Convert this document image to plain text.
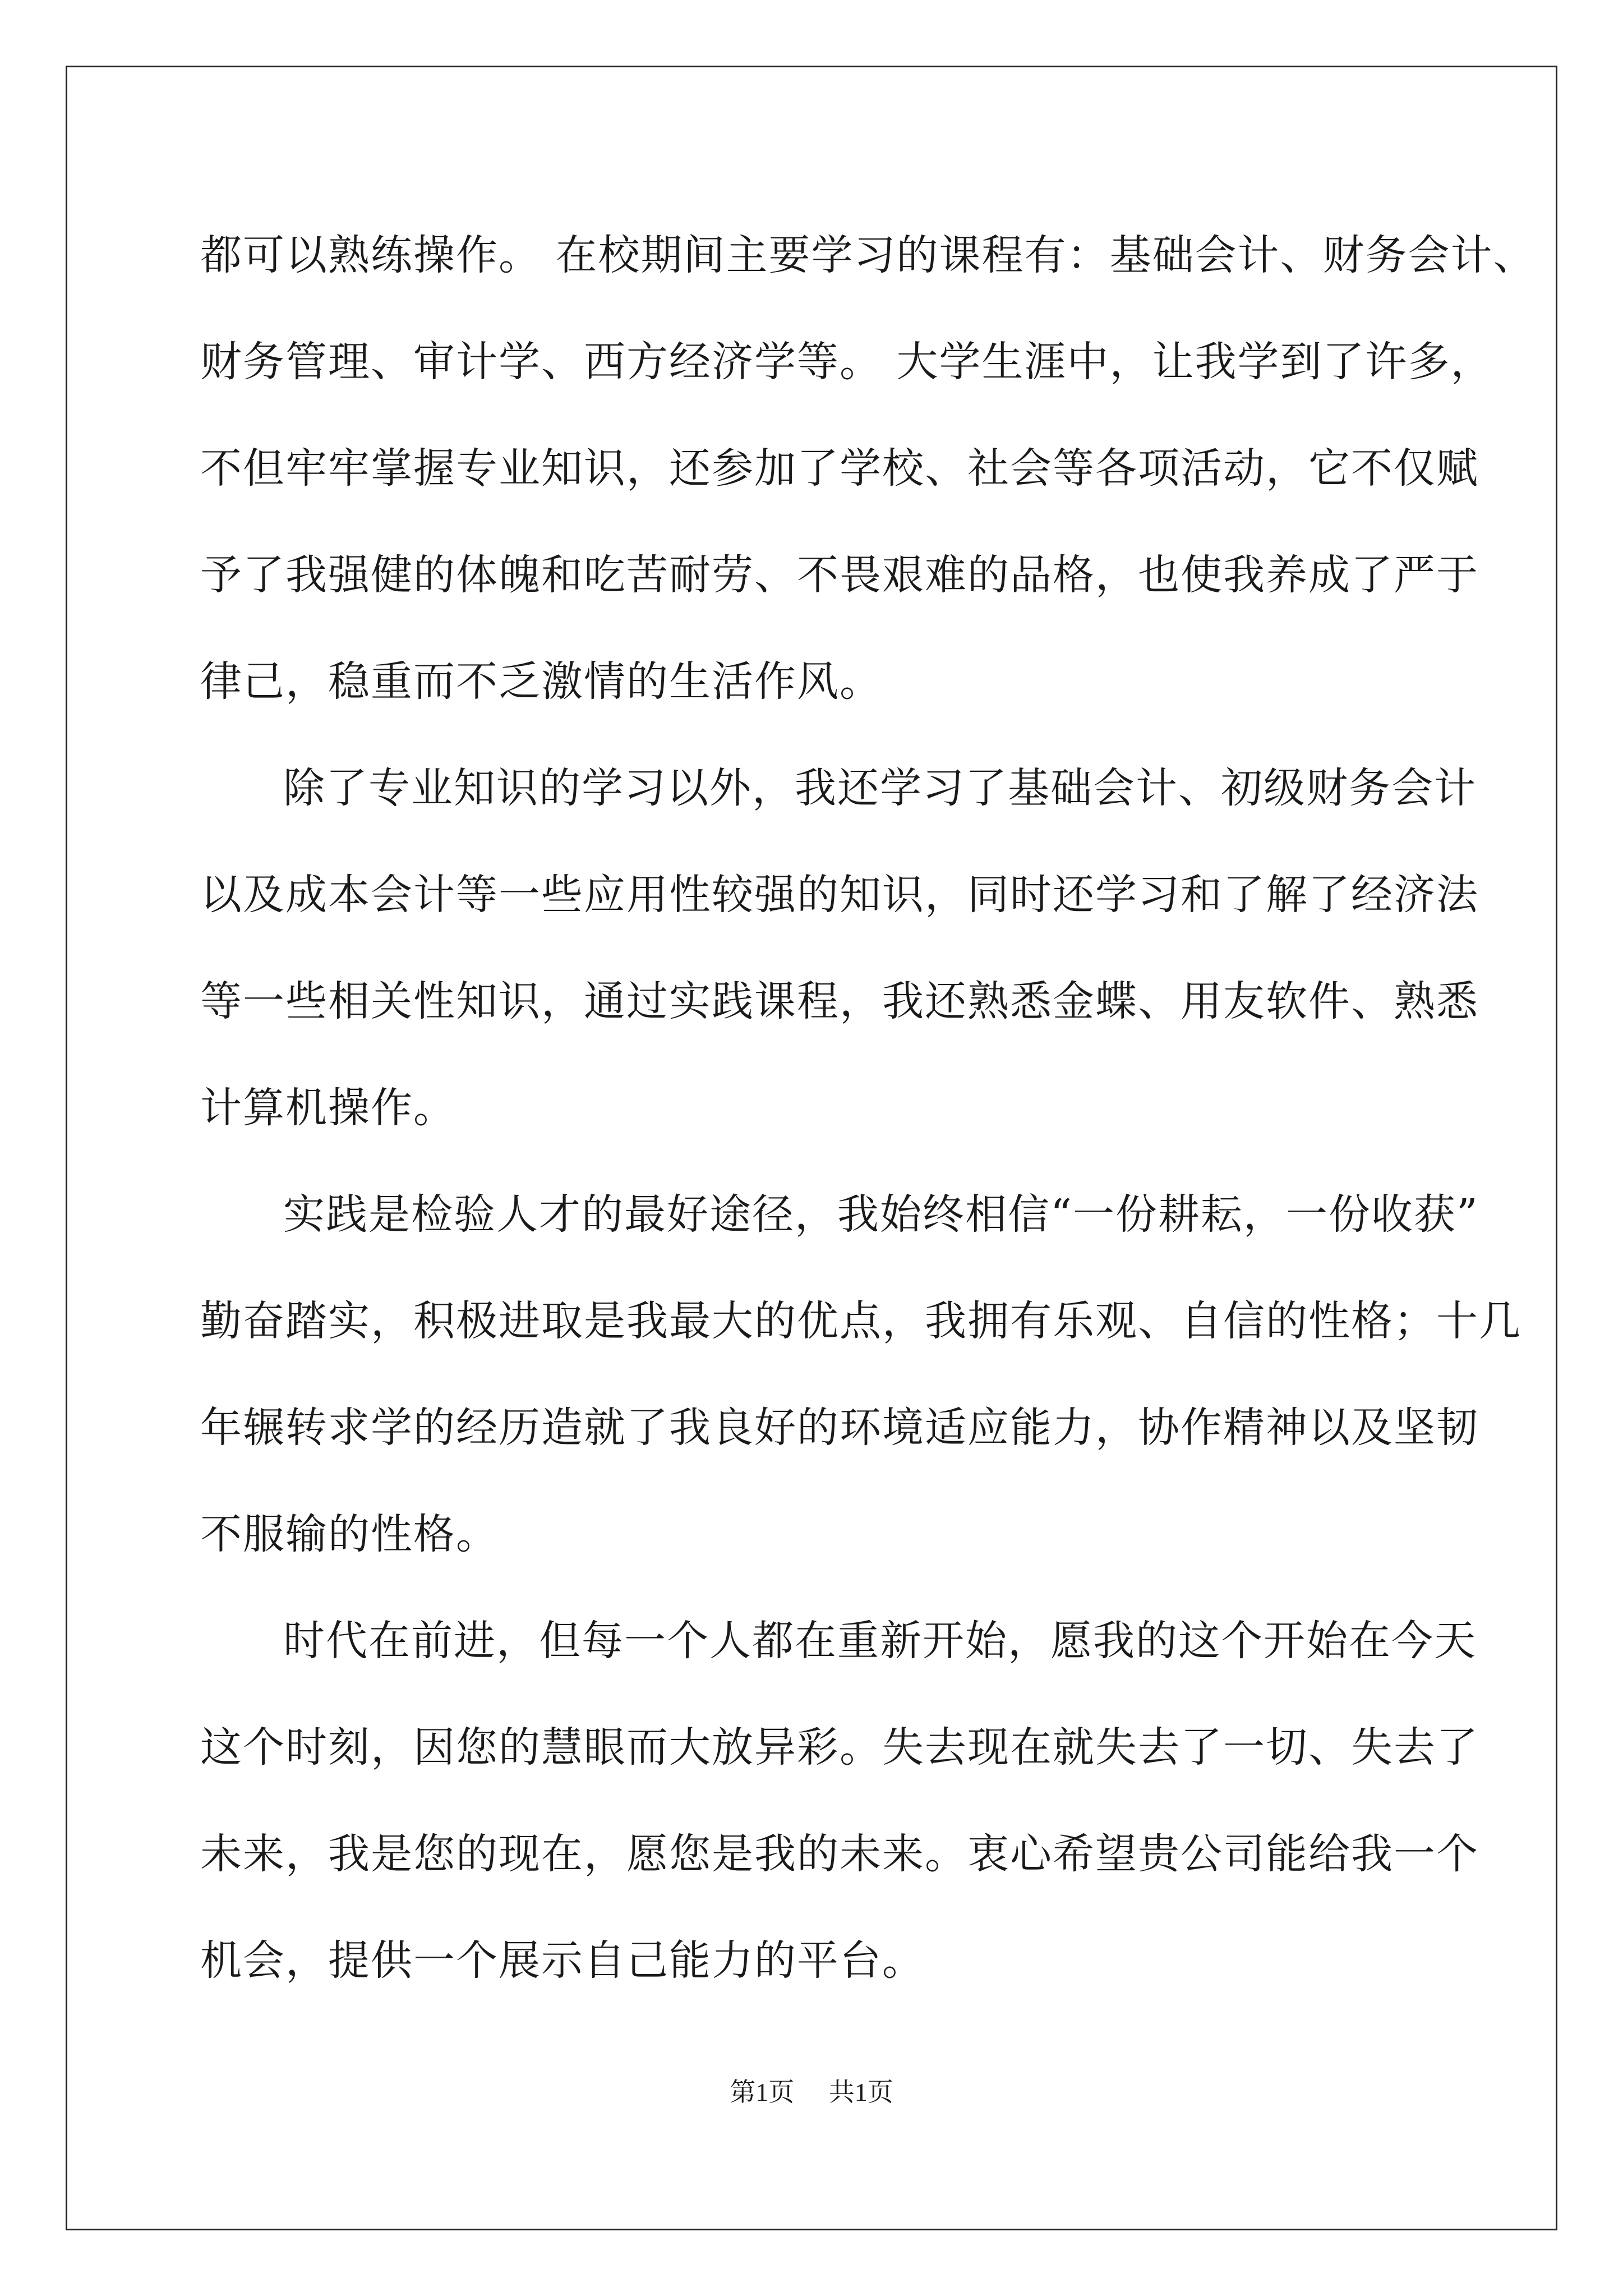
都可以熟练操作。 在校期间主要学习的课程有：基础会计、财务会计、
财务管理、审计学、西方经济学等。 大学生涯中，让我学到了许多，
不但牢牢掌握专业知识，还参加了学校、社会等各项活动，它不仅赋
予了我强健的体魄和吃苦耐劳、不畏艰难的品格，也使我养成了严于
律己，稳重而不乏激情的生活作风。
除了专业知识的学习以外，我还学习了基础会计、初级财务会计
以及成本会计等一些应用性较强的知识，同时还学习和了解了经济法
等一些相关性知识，通过实践课程，我还熟悉金蝶、用友软件、熟悉
计算机操作。
实践是检验人才的最好途径，我始终相信“一份耕耘，一份收获”
勤奋踏实，积极进取是我最大的优点，我拥有乐观、自信的性格；十几
年辗转求学的经历造就了我良好的环境适应能力，协作精神以及坚韧
不服输的性格。
时代在前进，但每一个人都在重新开始，愿我的这个开始在今天
这个时刻，因您的慧眼而大放异彩。失去现在就失去了一切、失去了
未来，我是您的现在，愿您是我的未来。衷心希望贵公司能给我一个
机会，提供一个展示自己能力的平台。
第1页 共1页
